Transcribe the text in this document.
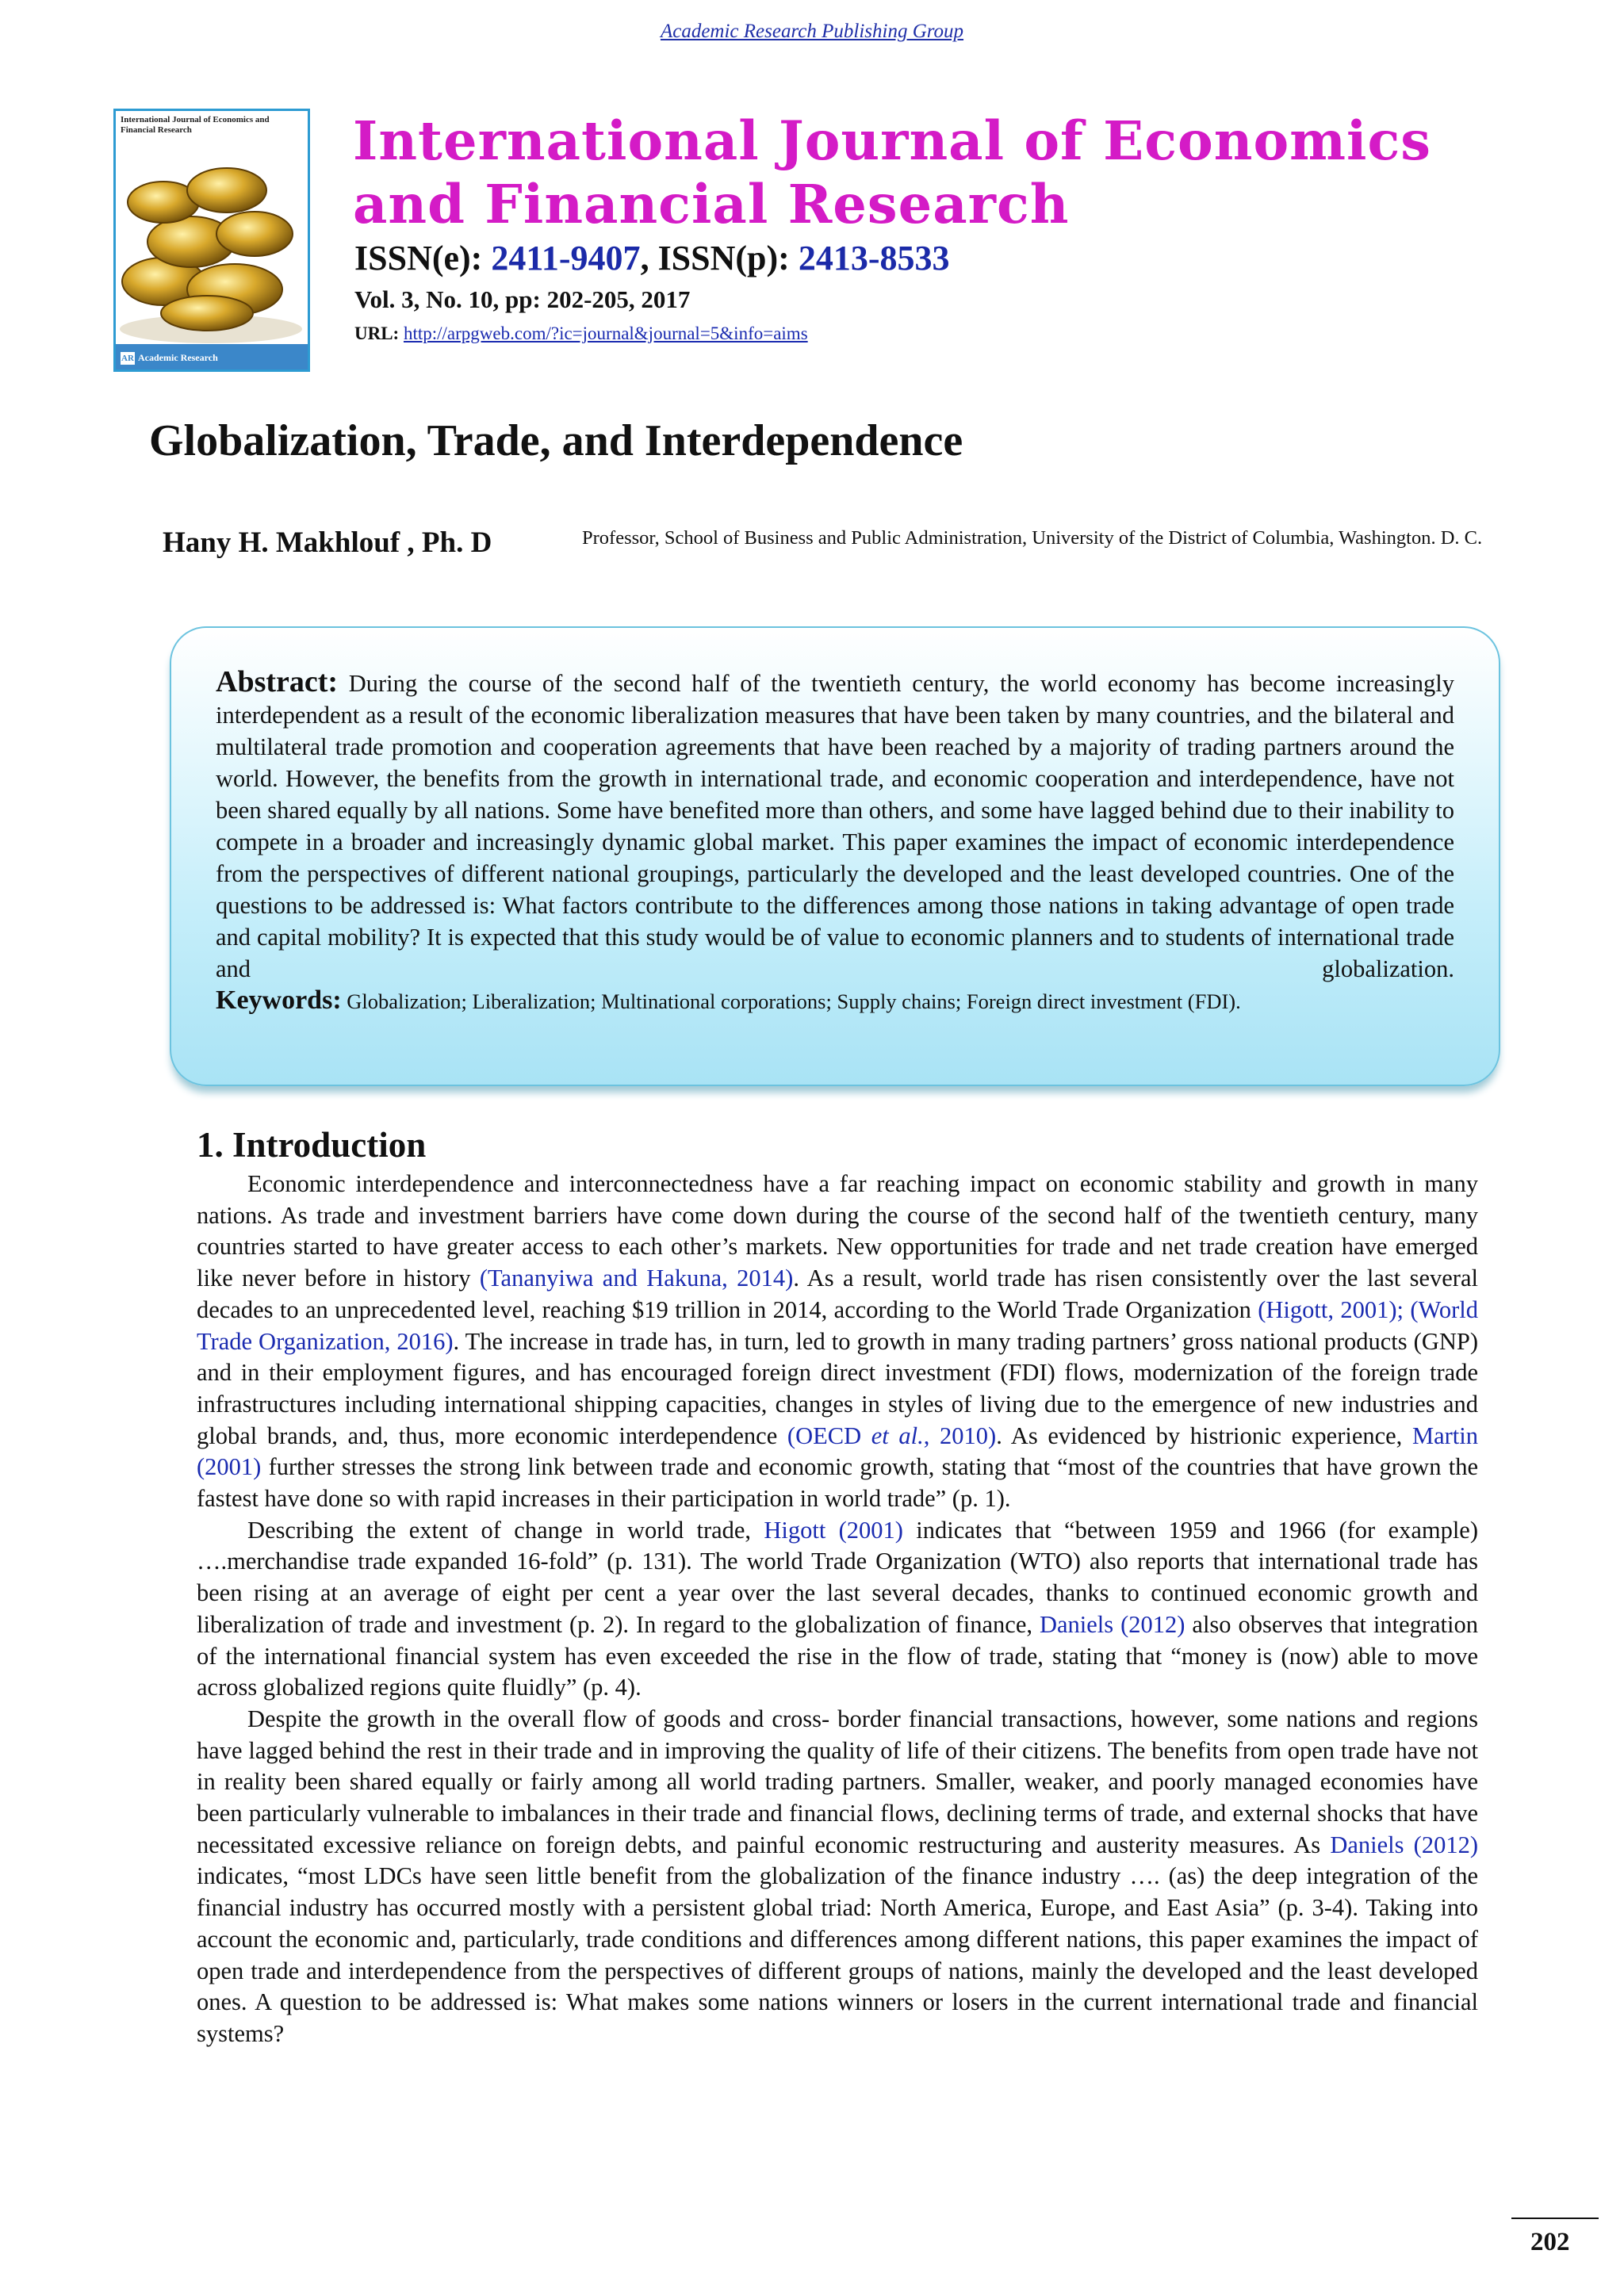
Academic Research Publishing Group
International Journal of Economics and Financial Research
AR Academic Research
International Journal of Economics and Financial Research
ISSN(e): 2411-9407, ISSN(p): 2413-8533
Vol. 3, No. 10, pp: 202-205, 2017
URL: http://arpgweb.com/?ic=journal&journal=5&info=aims
Globalization, Trade, and Interdependence
Hany H. Makhlouf , Ph. D	Professor, School of Business and Public Administration, University of the District of Columbia, Washington. D. C.
Abstract: During the course of the second half of the twentieth century, the world economy has become increasingly interdependent as a result of the economic liberalization measures that have been taken by many countries, and the bilateral and multilateral trade promotion and cooperation agreements that have been reached by a majority of trading partners around the world. However, the benefits from the growth in international trade, and economic cooperation and interdependence, have not been shared equally by all nations. Some have benefited more than others, and some have lagged behind due to their inability to compete in a broader and increasingly dynamic global market. This paper examines the impact of economic interdependence from the perspectives of different national groupings, particularly the developed and the least developed countries. One of the questions to be addressed is: What factors contribute to the differences among those nations in taking advantage of open trade and capital mobility? It is expected that this study would be of value to economic planners and to students of international trade and globalization.
Keywords: Globalization; Liberalization; Multinational corporations; Supply chains; Foreign direct investment (FDI).
1. Introduction

Economic interdependence and interconnectedness have a far reaching impact on economic stability and growth in many nations. As trade and investment barriers have come down during the course of the second half of the twentieth century, many countries started to have greater access to each other’s markets. New opportunities for trade and net trade creation have emerged like never before in history (Tananyiwa and Hakuna, 2014). As a result, world trade has risen consistently over the last several decades to an unprecedented level, reaching $19 trillion in 2014, according to the World Trade Organization (Higott, 2001); (World Trade Organization, 2016). The increase in trade has, in turn, led to growth in many trading partners’ gross national products (GNP) and in their employment figures, and has encouraged foreign direct investment (FDI) flows, modernization of the foreign trade infrastructures including international shipping capacities, changes in styles of living due to the emergence of new industries and global brands, and, thus, more economic interdependence (OECD et al., 2010). As evidenced by histrionic experience, Martin (2001) further stresses the strong link between trade and economic growth, stating that “most of the countries that have grown the fastest have done so with rapid increases in their participation in world trade” (p. 1).

Describing the extent of change in world trade, Higott (2001) indicates that “between 1959 and 1966 (for example) ….merchandise trade expanded 16-fold” (p. 131). The world Trade Organization (WTO) also reports that international trade has been rising at an average of eight per cent a year over the last several decades, thanks to continued economic growth and liberalization of trade and investment (p. 2). In regard to the globalization of finance, Daniels (2012) also observes that integration of the international financial system has even exceeded the rise in the flow of trade, stating that “money is (now) able to move across globalized regions quite fluidly” (p. 4).

Despite the growth in the overall flow of goods and cross- border financial transactions, however, some nations and regions have lagged behind the rest in their trade and in improving the quality of life of their citizens. The benefits from open trade have not in reality been shared equally or fairly among all world trading partners. Smaller, weaker, and poorly managed economies have been particularly vulnerable to imbalances in their trade and financial flows, declining terms of trade, and external shocks that have necessitated excessive reliance on foreign debts, and painful economic restructuring and austerity measures. As Daniels (2012) indicates, “most LDCs have seen little benefit from the globalization of the finance industry …. (as) the deep integration of the financial industry has occurred mostly with a persistent global triad: North America, Europe, and East Asia” (p. 3-4). Taking into account the economic and, particularly, trade conditions and differences among different nations, this paper examines the impact of open trade and interdependence from the perspectives of different groups of nations, mainly the developed and the least developed ones. A question to be addressed is: What makes some nations winners or losers in the current international trade and financial systems?

202
